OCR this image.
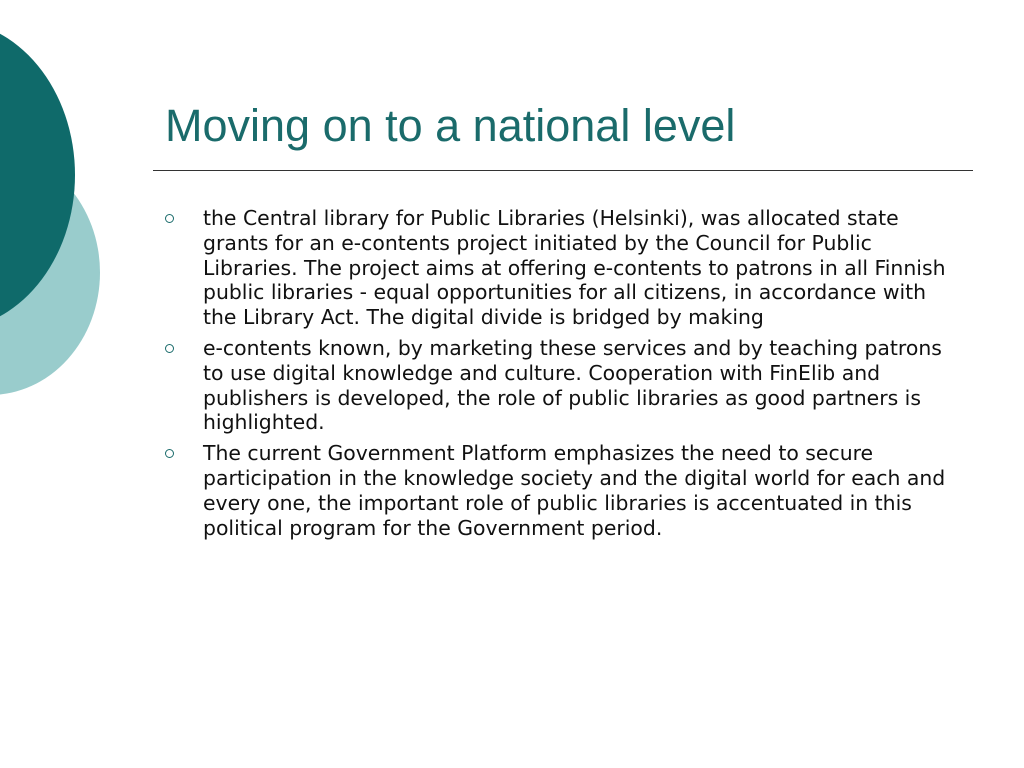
Moving on to a national level
the Central library for Public Libraries (Helsinki), was allocated state grants for an e-contents project initiated by the Council for Public Libraries. The project aims at offering e-contents to patrons in all Finnish public libraries - equal opportunities for all citizens, in accordance with the Library Act. The digital divide is bridged by making
e-contents known, by marketing these services and by teaching patrons to use digital knowledge and culture. Cooperation with FinElib and publishers is developed, the role of public libraries as good partners is highlighted.
The current Government Platform emphasizes the need to secure participation in the knowledge society and the digital world for each and every one, the important role of public libraries is accentuated in this political program for the Government period.
